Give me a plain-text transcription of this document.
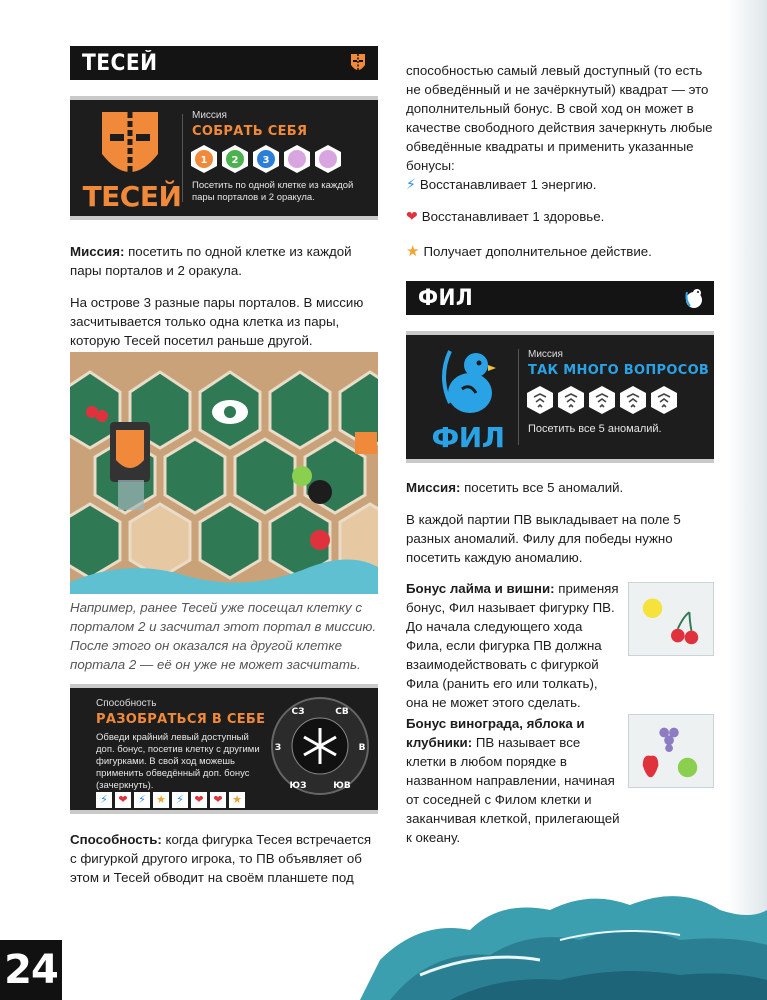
24
ТЕСЕЙ
ТЕСЕЙ
Миссия
СОБРАТЬ СЕБЯ
1 2 3
Посетить по одной клетке из каждой пары порталов и 2 оракула.
Миссия: посетить по одной клетке из каждой пары порталов и 2 оракула.
На острове 3 разные пары порталов. В миссию засчитывается только одна клетка из пары, которую Тесей посетил раньше другой.
Например, ранее Тесей уже посещал клетку с порталом 2 и засчитал этот портал в миссию. После этого он оказался на другой клетке портала 2 — её он уже не может засчитать.
Способность
РАЗОБРАТЬСЯ В СЕБЕ
Обведи крайний левый доступный доп. бонус, посетив клетку с другими фигурками. В свой ход можешь применить обведённый доп. бонус (зачеркнуть).
⚡ ❤ ⚡ ★ ⚡ ❤ ❤ ★
СЗ	СВ
В
ЮВ
ЮЗ
З
Способность: когда фигурка Тесея встречается с фигуркой другого игрока, то ПВ объявляет об этом и Тесей обводит на своём планшете под
способностью самый левый доступный (то есть не обведённый и не зачёркнутый) квадрат — это дополнительный бонус. В свой ход он может в качестве свободного действия зачеркнуть любые обведённые квадраты и применить указанные бонусы:
⚡ Восстанавливает 1 энергию.
❤ Восстанавливает 1 здоровье.
★ Получает дополнительное действие.
ФИЛ
ФИЛ
Миссия
ТАК МНОГО ВОПРОСОВ
Посетить все 5 аномалий.
Миссия: посетить все 5 аномалий.
В каждой партии ПВ выкладывает на поле 5 разных аномалий. Филу для победы нужно посетить каждую аномалию.
Бонус лайма и вишни: применяя бонус, Фил называет фигурку ПВ. До начала следующего хода Фила, если фигурка ПВ должна взаимодействовать с фигуркой Фила (ранить его или толкать), она не может этого сделать.
Бонус винограда, яблока и клубники: ПВ называет все клетки в любом порядке в названном направлении, начиная от соседней с Филом клетки и заканчивая клеткой, прилегающей к океану.
